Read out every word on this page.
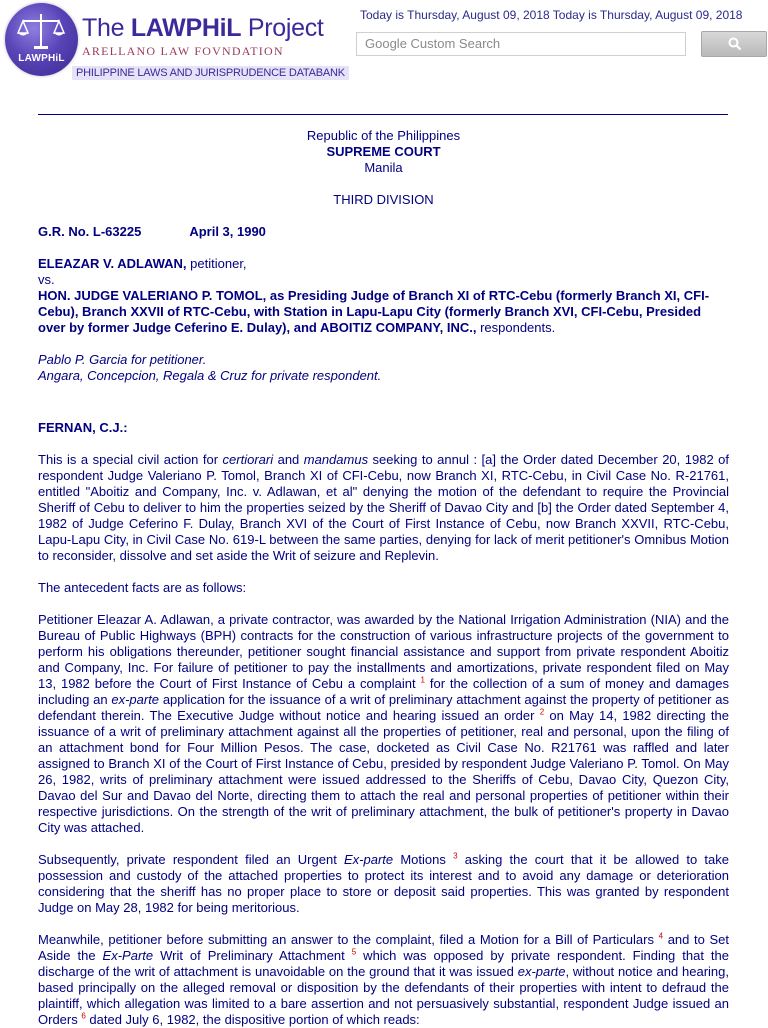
LAWPHiL
The LAWPHiL Project
ARELLANO LAW FOVNDATION
PHILIPPINE LAWS AND JURISPRUDENCE DATABANK
Today is Thursday, August 09, 2018 Today is Thursday, August 09, 2018
Google Custom Search
Republic of the Philippines
SUPREME COURT
Manila
THIRD DIVISION
G.R. No. L-63225	April 3, 1990
ELEAZAR V. ADLAWAN, petitioner,
vs.
HON. JUDGE VALERIANO P. TOMOL, as Presiding Judge of Branch XI of RTC-Cebu (formerly Branch XI, CFI-Cebu), Branch XXVII of RTC-Cebu, with Station in Lapu-Lapu City (formerly Branch XVI, CFI-Cebu, Presided over by former Judge Ceferino E. Dulay), and ABOITIZ COMPANY, INC., respondents.
Pablo P. Garcia for petitioner.
Angara, Concepcion, Regala & Cruz for private respondent.
FERNAN, C.J.:

This is a special civil action for certiorari and mandamus seeking to annul : [a] the Order dated December 20, 1982 of respondent Judge Valeriano P. Tomol, Branch XI of CFI-Cebu, now Branch XI, RTC-Cebu, in Civil Case No. R-21761, entitled "Aboitiz and Company, Inc. v. Adlawan, et al" denying the motion of the defendant to require the Provincial Sheriff of Cebu to deliver to him the properties seized by the Sheriff of Davao City and [b] the Order dated September 4, 1982 of Judge Ceferino F. Dulay, Branch XVI of the Court of First Instance of Cebu, now Branch XXVII, RTC-Cebu, Lapu-Lapu City, in Civil Case No. 619-L between the same parties, denying for lack of merit petitioner's Omnibus Motion to reconsider, dissolve and set aside the Writ of seizure and Replevin.

The antecedent facts are as follows:

Petitioner Eleazar A. Adlawan, a private contractor, was awarded by the National Irrigation Administration (NIA) and the Bureau of Public Highways (BPH) contracts for the construction of various infrastructure projects of the government to perform his obligations thereunder, petitioner sought financial assistance and support from private respondent Aboitiz and Company, Inc. For failure of petitioner to pay the installments and amortizations, private respondent filed on May 13, 1982 before the Court of First Instance of Cebu a complaint $^1$ for the collection of a sum of money and damages including an ex-parte application for the issuance of a writ of preliminary attachment against the property of petitioner as defendant therein. The Executive Judge without notice and hearing issued an order $^2$ on May 14, 1982 directing the issuance of a writ of preliminary attachment against all the properties of petitioner, real and personal, upon the filing of an attachment bond for Four Million Pesos. The case, docketed as Civil Case No. R21761 was raffled and later assigned to Branch XI of the Court of First Instance of Cebu, presided by respondent Judge Valeriano P. Tomol. On May 26, 1982, writs of preliminary attachment were issued addressed to the Sheriffs of Cebu, Davao City, Quezon City, Davao del Sur and Davao del Norte, directing them to attach the real and personal properties of petitioner within their respective jurisdictions. On the strength of the writ of preliminary attachment, the bulk of petitioner's property in Davao City was attached.

Subsequently, private respondent filed an Urgent Ex-parte Motions $^3$ asking the court that it be allowed to take possession and custody of the attached properties to protect its interest and to avoid any damage or deterioration considering that the sheriff has no proper place to store or deposit said properties. This was granted by respondent Judge on May 28, 1982 for being meritorious.

Meanwhile, petitioner before submitting an answer to the complaint, filed a Motion for a Bill of Particulars $^4$ and to Set Aside the Ex-Parte Writ of Preliminary Attachment $^5$ which was opposed by private respondent. Finding that the discharge of the writ of attachment is unavoidable on the ground that it was issued ex-parte, without notice and hearing, based principally on the alleged removal or disposition by the defendants of their properties with intent to defraud the plaintiff, which allegation was limited to a bare assertion and not persuasively substantial, respondent Judge issued an Orders $^6$ dated July 6, 1982, the dispositive portion of which reads:
